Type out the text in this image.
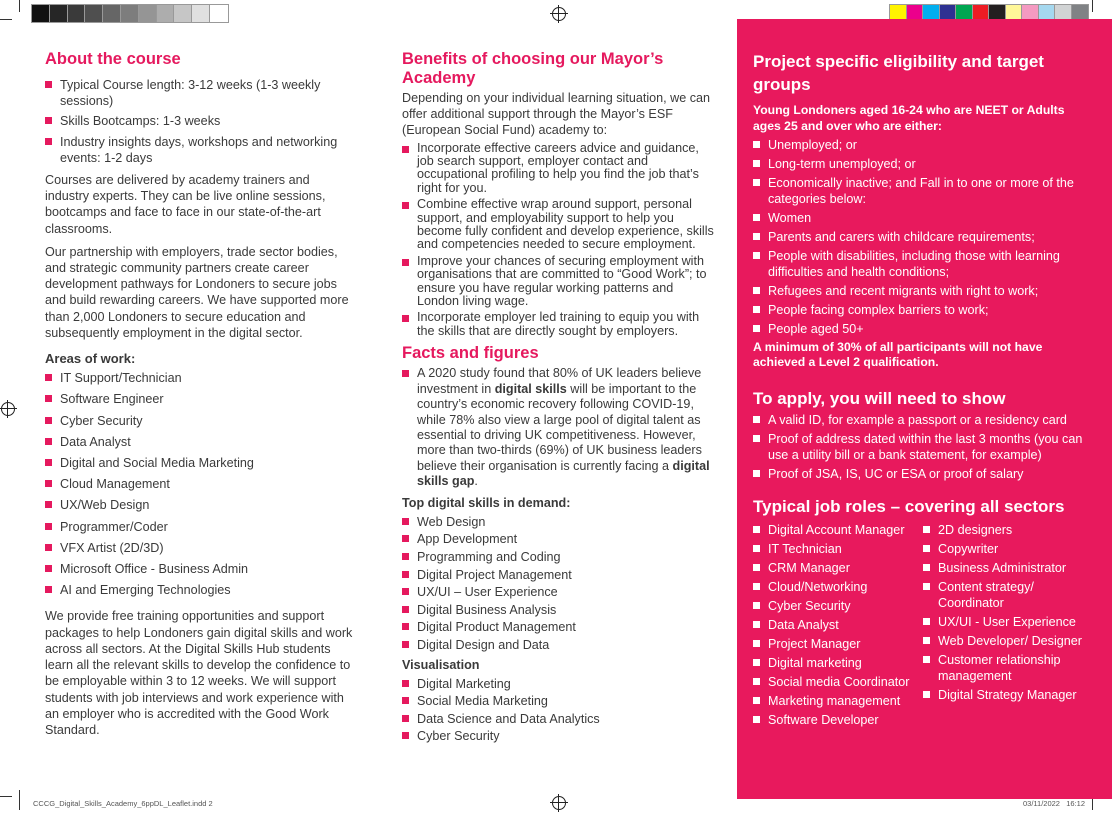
CCCG_Digital_Skills_Academy_6ppDL_Leaflet.indd 2	03/11/2022   16:12
About the course
Typical Course length: 3-12 weeks (1-3 weekly sessions)
Skills Bootcamps: 1-3 weeks
Industry insights days, workshops and networking events: 1-2 days

Courses are delivered by academy trainers and industry experts. They can be live online sessions, bootcamps and face to face in our state-of-the-art classrooms.

Our partnership with employers, trade sector bodies, and strategic community partners create career development pathways for Londoners to secure jobs and build rewarding careers. We have supported more than 2,000 Londoners to secure education and subsequently employment in the digital sector.

Areas of work:
IT Support/Technician
Software Engineer
Cyber Security
Data Analyst
Digital and Social Media Marketing
Cloud Management
UX/Web Design
Programmer/Coder
VFX Artist (2D/3D)
Microsoft Office - Business Admin
AI and Emerging Technologies

We provide free training opportunities and support packages to help Londoners gain digital skills and work across all sectors. At the Digital Skills Hub students learn all the relevant skills to develop the confidence to be employable within 3 to 12 weeks. We will support students with job interviews and work experience with an employer who is accredited with the Good Work Standard.

Benefits of choosing our Mayor’s Academy

Depending on your individual learning situation, we can offer additional support through the Mayor’s ESF (European Social Fund) academy to:

Incorporate effective careers advice and guidance, job search support, employer contact and occupational profiling to help you find the job that’s right for you.
Combine effective wrap around support, personal support, and employability support to help you become fully confident and develop experience, skills and competencies needed to secure employment.
Improve your chances of securing employment with organisations that are committed to “Good Work”; to ensure you have regular working patterns and London living wage.
Incorporate employer led training to equip you with the skills that are directly sought by employers.
Facts and figures
A 2020 study found that 80% of UK leaders believe investment in digital skills will be important to the country’s economic recovery following COVID-19, while 78% also view a large pool of digital talent as essential to driving UK competitiveness. However, more than two-thirds (69%) of UK business leaders believe their organisation is currently facing a digital skills gap.
Top digital skills in demand:
Web Design
App Development
Programming and Coding
Digital Project Management
UX/UI – User Experience
Digital Business Analysis
Digital Product Management
Digital Design and Data
Visualisation
Digital Marketing
Social Media Marketing
Data Science and Data Analytics
Cyber Security
Project specific eligibility and target groups
Young Londoners aged 16-24 who are NEET or Adults ages 25 and over who are either:
Unemployed; or
Long-term unemployed; or
Economically inactive; and Fall in to one or more of the categories below:
Women
Parents and carers with childcare requirements;
People with disabilities, including those with learning difficulties and health conditions;
Refugees and recent migrants with right to work;
People facing complex barriers to work;
People aged 50+
A minimum of 30% of all participants will not have achieved a Level 2 qualification.
To apply, you will need to show
A valid ID, for example a passport or a residency card
Proof of address dated within the last 3 months (you can use a utility bill or a bank statement, for example)
Proof of JSA, IS, UC or ESA or proof of salary
Typical job roles – covering all sectors
Digital Account Manager
IT Technician
CRM Manager
Cloud/Networking
Cyber Security
Data Analyst
Project Manager
Digital marketing
Social media Coordinator
Marketing management
Software Developer
2D designers
Copywriter
Business Administrator
Content strategy/ Coordinator
UX/UI - User Experience
Web Developer/ Designer
Customer relationship management
Digital Strategy Manager
